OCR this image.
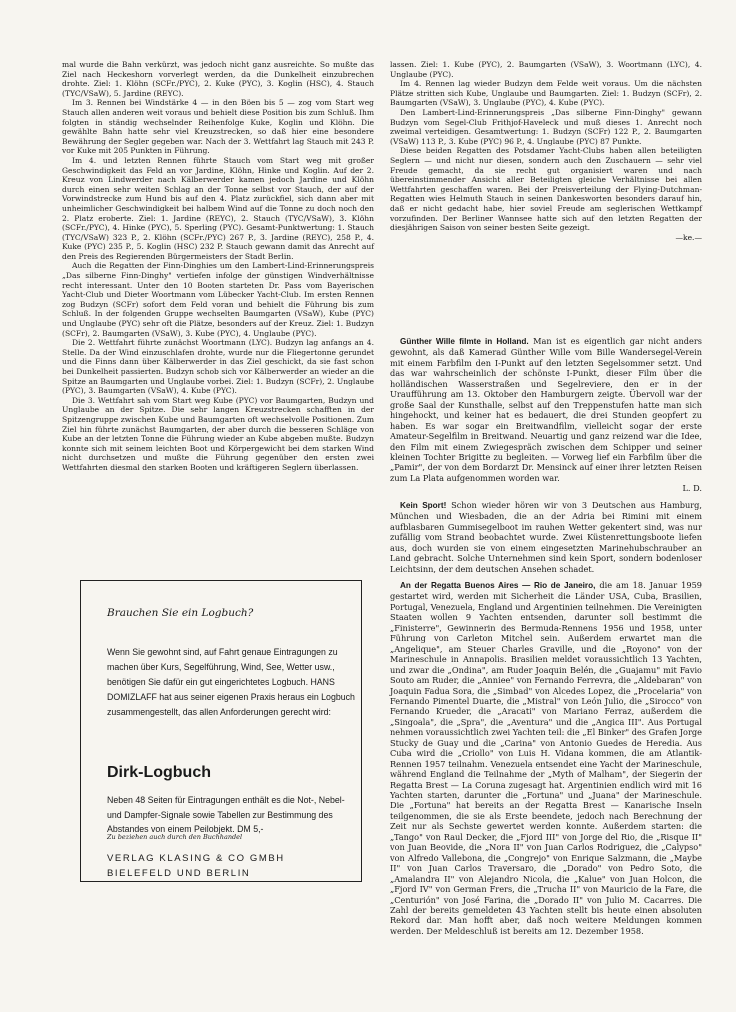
mal wurde die Bahn verkürzt, was jedoch nicht ganz ausreichte. So mußte das Ziel nach Heckeshorn vorverlegt werden, da die Dunkelheit einzubrechen drohte. Ziel: 1. Klöhn (SCFr./PYC), 2. Kuke (PYC), 3. Koglin (HSC), 4. Stauch (TYC/VSaW), 5. Jardine (REYC).

Im 3. Rennen bei Windstärke 4 — in den Böen bis 5 — zog vom Start weg Stauch allen anderen weit voraus und behielt diese Position bis zum Schluß. Ihm folgten in ständig wechselnder Reihenfolge Kuke, Koglin und Klöhn. Die gewählte Bahn hatte sehr viel Kreuzstrecken, so daß hier eine besondere Bewährung der Segler gegeben war. Nach der 3. Wettfahrt lag Stauch mit 243 P. vor Kuke mit 205 Punkten in Führung.

Im 4. und letzten Rennen führte Stauch vom Start weg mit großer Geschwindigkeit das Feld an vor Jardine, Klöhn, Hinke und Koglin. Auf der 2. Kreuz von Lindwerder nach Kälberwerder kamen jedoch Jardine und Klöhn durch einen sehr weiten Schlag an der Tonne selbst vor Stauch, der auf der Vorwindstrecke zum Hund bis auf den 4. Platz zurückfiel, sich dann aber mit unheimlicher Geschwindigkeit bei halbem Wind auf die Tonne zu doch noch den 2. Platz eroberte. Ziel: 1. Jardine (REYC), 2. Stauch (TYC/VSaW), 3. Klöhn (SCFr./PYC), 4. Hinke (PYC), 5. Sperling (PYC). Gesamt-Punktwertung: 1. Stauch (TYC/VSaW) 323 P., 2. Klöhn (SCFr./PYC) 267 P., 3. Jardine (REYC), 258 P., 4. Kuke (PYC) 235 P., 5. Koglin (HSC) 232 P. Stauch gewann damit das Anrecht auf den Preis des Regierenden Bürgermeisters der Stadt Berlin.

Auch die Regatten der Finn-Dinghies um den Lambert-Lind-Erinnerungspreis „Das silberne Finn-Dinghy" vertiefen infolge der günstigen Windverhältnisse recht interessant. Unter den 10 Booten starteten Dr. Pass vom Bayerischen Yacht-Club und Dieter Woortmann vom Lübecker Yacht-Club. Im ersten Rennen zog Budzyn (SCFr) sofort dem Feld voran und behielt die Führung bis zum Schluß. In der folgenden Gruppe wechselten Baumgarten (VSaW), Kube (PYC) und Unglaube (PYC) sehr oft die Plätze, besonders auf der Kreuz. Ziel: 1. Budzyn (SCFr), 2. Baumgarten (VSaW), 3. Kube (PYC), 4. Unglaube (PYC).

Die 2. Wettfahrt führte zunächst Woortmann (LYC). Budzyn lag anfangs an 4. Stelle. Da der Wind einzuschlafen drohte, wurde nur die Fliegertonne gerundet und die Finns dann über Kälberwerder in das Ziel geschickt, da sie fast schon bei Dunkelheit passierten. Budzyn schob sich vor Kälberwerder an wieder an die Spitze an Baumgarten und Unglaube vorbei. Ziel: 1. Budzyn (SCFr), 2. Unglaube (PYC), 3. Baumgarten (VSaW), 4. Kube (PYC).

Die 3. Wettfahrt sah vom Start weg Kube (PYC) vor Baumgarten, Budzyn und Unglaube an der Spitze. Die sehr langen Kreuzstrecken schafften in der Spitzengruppe zwischen Kube und Baumgarten oft wechselvolle Positionen. Zum Ziel hin führte zunächst Baumgarten, der aber durch die besseren Schläge von Kube an der letzten Tonne die Führung wieder an Kube abgeben mußte. Budzyn konnte sich mit seinem leichten Boot und Körpergewicht bei dem starken Wind nicht durchsetzen und mußte die Führung gegenüber den ersten zwei Wettfahrten diesmal den starken Booten und kräftigeren Seglern überlassen.

lassen. Ziel: 1. Kube (PYC), 2. Baumgarten (VSaW), 3. Woortmann (LYC), 4. Unglaube (PYC).

Im 4. Rennen lag wieder Budzyn dem Felde weit voraus. Um die nächsten Plätze stritten sich Kube, Unglaube und Baumgarten. Ziel: 1. Budzyn (SCFr), 2. Baumgarten (VSaW), 3. Unglaube (PYC), 4. Kube (PYC).

Den Lambert-Lind-Erinnerungspreis „Das silberne Finn-Dinghy" gewann Budzyn vom Segel-Club Frithjof-Haveleck und muß dieses 1. Anrecht noch zweimal verteidigen. Gesamtwertung: 1. Budzyn (SCFr) 122 P., 2. Baumgarten (VSaW) 113 P., 3. Kube (PYC) 96 P., 4. Unglaube (PYC) 87 Punkte.

Diese beiden Regatten des Potsdamer Yacht-Clubs haben allen beteiligten Seglern — und nicht nur diesen, sondern auch den Zuschauern — sehr viel Freude gemacht, da sie recht gut organisiert waren und nach übereinstimmender Ansicht aller Beteiligten gleiche Verhältnisse bei allen Wettfahrten geschaffen waren. Bei der Preisverteilung der Flying-Dutchman-Regatten wies Helmuth Stauch in seinen Dankesworten besonders darauf hin, daß er nicht gedacht habe, hier soviel Freude am seglerischen Wettkampf vorzufinden. Der Berliner Wannsee hatte sich auf den letzten Regatten der diesjährigen Saison von seiner besten Seite gezeigt.

—ke.—

Günther Wille filmte in Holland. Man ist es eigentlich gar nicht anders gewohnt, als daß Kamerad Günther Wille vom Bille Wandersegel-Verein mit einem Farbfilm den I-Punkt auf den letzten Segelsommer setzt. Und das war wahrscheinlich der schönste I-Punkt, dieser Film über die holländischen Wasserstraßen und Segelreviere, den er in der Uraufführung am 13. Oktober den Hamburgern zeigte. Übervoll war der große Saal der Kunsthalle, selbst auf den Treppenstufen hatte man sich hingehockt, und keiner hat es bedauert, die drei Stunden geopfert zu haben. Es war sogar ein Breitwandfilm, vielleicht sogar der erste Amateur-Segelfilm in Breitwand. Neuartig und ganz reizend war die Idee, den Film mit einem Zwiegespräch zwischen dem Schipper und seiner kleinen Tochter Brigitte zu begleiten. — Vorweg lief ein Farbfilm über die „Pamir", der von dem Bordarzt Dr. Mensinck auf einer ihrer letzten Reisen zum La Plata aufgenommen worden war.

L. D.

Kein Sport! Schon wieder hören wir von 3 Deutschen aus Hamburg, München und Wiesbaden, die an der Adria bei Rimini mit einem aufblasbaren Gummisegelboot im rauhen Wetter gekentert sind, was nur zufällig vom Strand beobachtet wurde. Zwei Küstenrettungsboote liefen aus, doch wurden sie von einem eingesetzten Marinehubschrauber an Land gebracht. Solche Unternehmen sind kein Sport, sondern bodenloser Leichtsinn, der dem deutschen Ansehen schadet.

An der Regatta Buenos Aires — Rio de Janeiro, die am 18. Januar 1959 gestartet wird, werden mit Sicherheit die Länder USA, Cuba, Brasilien, Portugal, Venezuela, England und Argentinien teilnehmen. Die Vereinigten Staaten wollen 9 Yachten entsenden, darunter soll bestimmt die „Finisterre", Gewinnerin des Bermuda-Rennens 1956 und 1958, unter Führung von Carleton Mitchel sein. Außerdem erwartet man die „Angelique", am Steuer Charles Graville, und die „Royono" von der Marineschule in Annapolis. Brasilien meldet voraussichtlich 13 Yachten, und zwar die „Ondina", am Ruder Joaquin Belén, die „Guajamu" mit Favio Souto am Ruder, die „Anniee" von Fernando Ferrevra, die „Aldebaran" von Joaquin Fadua Sora, die „Simbad" von Alcedes Lopez, die „Procelaria" von Fernando Pimentel Duarte, die „Mistral" von León Julio, die „Sirocco" von Fernando Krueder, die „Aracati" von Mariano Ferraz, außerdem die „Singoala", die „Spra", die „Aventura" und die „Angica III". Aus Portugal nehmen voraussichtlich zwei Yachten teil: die „El Binker" des Grafen Jorge Stucky de Guay und die „Carina" von Antonio Guedes de Heredia. Aus Cuba wird die „Criollo" von Luis H. Vidana kommen, die am Atlantik-Rennen 1957 teilnahm. Venezuela entsendet eine Yacht der Marineschule, während England die Teilnahme der „Myth of Malham", der Siegerin der Regatta Brest — La Coruna zugesagt hat. Argentinien endlich wird mit 16 Yachten starten, darunter die „Fortuna" und „Juana" der Marineschule. Die „Fortuna" hat bereits an der Regatta Brest — Kanarische Inseln teilgenommen, die sie als Erste beendete, jedoch nach Berechnung der Zeit nur als Sechste gewertet werden konnte. Außerdem starten: die „Tango" von Raul Decker, die „Fjord III" von Jorge del Rio, die „Risque II" von Juan Beovide, die „Nora II" von Juan Carlos Rodriguez, die „Calypso" von Alfredo Vallebona, die „Congrejo" von Enrique Salzmann, die „Maybe II" von Juan Carlos Traversaro, die „Dorado" von Pedro Soto, die „Amalandra II" von Alejandro Nicola, die „Kalue" von Juan Holcon, die „Fjord IV" von German Frers, die „Trucha II" von Mauricio de la Fare, die „Centurión" von José Farina, die „Dorado II" von Julio M. Cacarres. Die Zahl der bereits gemeldeten 43 Yachten stellt bis heute einen absoluten Rekord dar. Man hofft aber, daß noch weitere Meldungen kommen werden. Der Meldeschluß ist bereits am 12. Dezember 1958.

Brauchen Sie ein Logbuch?
Wenn Sie gewohnt sind, auf Fahrt genaue Eintragungen zu machen über Kurs, Segelführung, Wind, See, Wetter usw., benötigen Sie dafür ein gut eingerichtetes Logbuch. HANS DOMIZLAFF hat aus seiner eigenen Praxis heraus ein Logbuch zusammengestellt, das allen Anforderungen gerecht wird:
Dirk-Logbuch
Neben 48 Seiten für Eintragungen enthält es die Not-, Nebel- und Dampfer-Signale sowie Tabellen zur Bestimmung des Abstandes von einem Peilobjekt. DM 5,-
Zu beziehen auch durch den Buchhandel
VERLAG KLASING & CO GMBH
BIELEFELD UND BERLIN
